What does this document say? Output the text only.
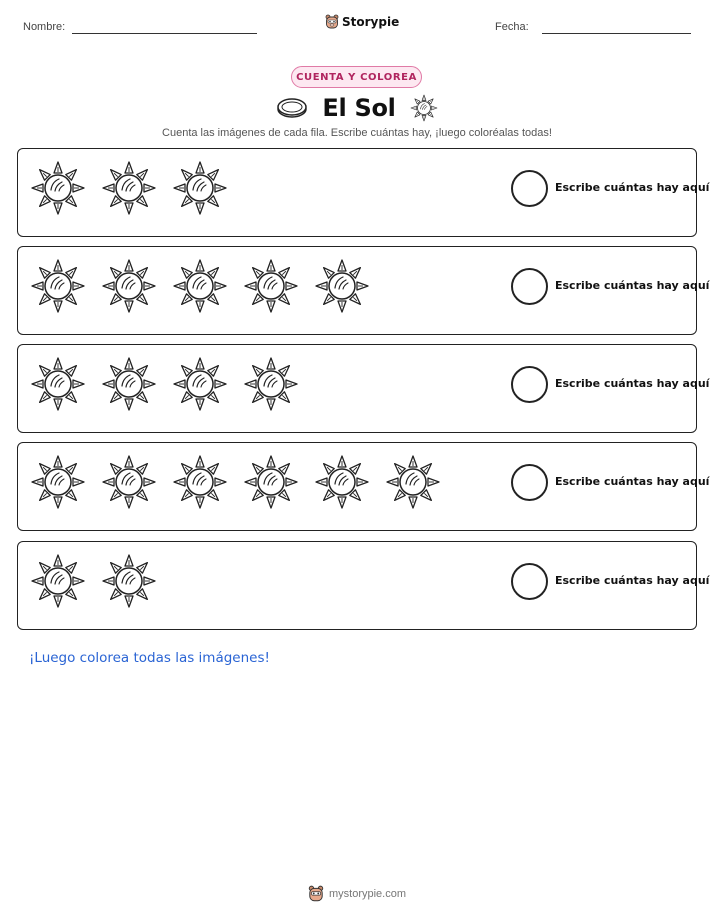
Nombre:	Storypie	Fecha:
CUENTA Y COLOREA
El Sol
Cuenta las imágenes de cada fila. Escribe cuántas hay, ¡luego coloréalas todas!
Escribe cuántas hay aquí
Escribe cuántas hay aquí
Escribe cuántas hay aquí
Escribe cuántas hay aquí
Escribe cuántas hay aquí
¡Luego colorea todas las imágenes!
mystorypie.com
